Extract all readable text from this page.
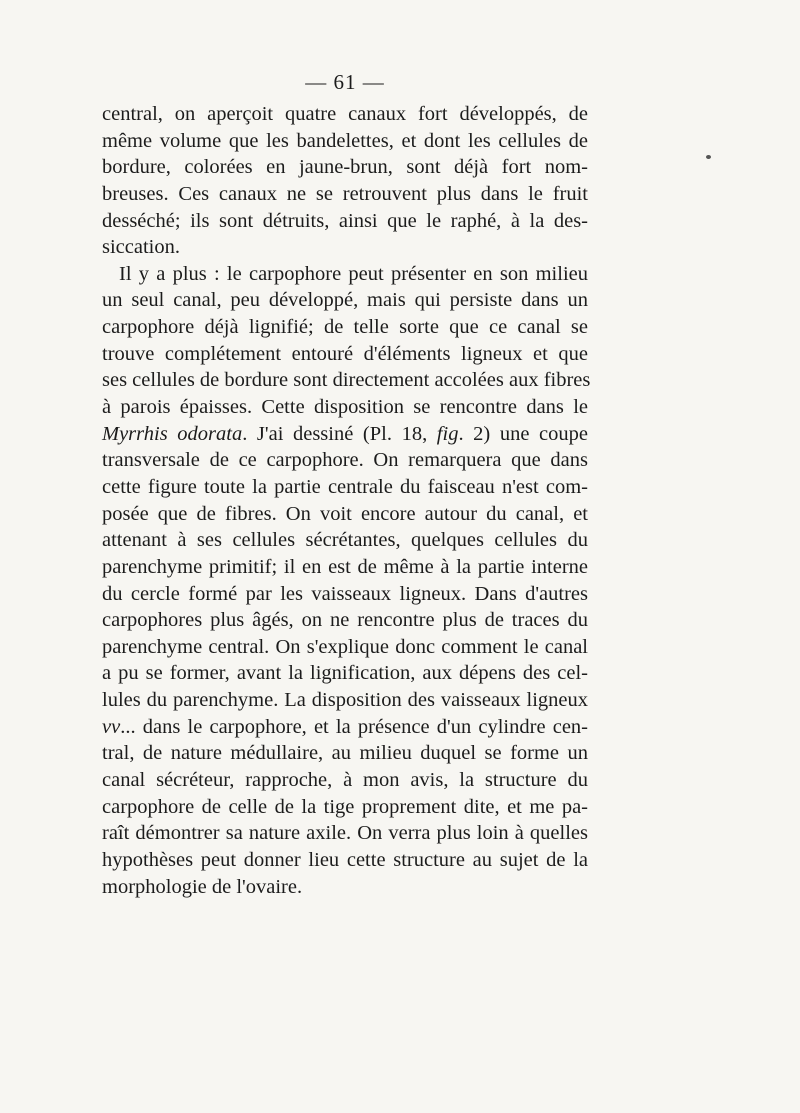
— 61 —
central, on aperçoit quatre canaux fort développés, de
même volume que les bandelettes, et dont les cellules de
bordure, colorées en jaune-brun, sont déjà fort nom-
breuses. Ces canaux ne se retrouvent plus dans le fruit
desséché; ils sont détruits, ainsi que le raphé, à la des-
siccation.
Il y a plus : le carpophore peut présenter en son milieu
un seul canal, peu développé, mais qui persiste dans un
carpophore déjà lignifié; de telle sorte que ce canal se
trouve complétement entouré d'éléments ligneux et que
ses cellules de bordure sont directement accolées aux fibres
à parois épaisses. Cette disposition se rencontre dans le
Myrrhis odorata. J'ai dessiné (Pl. 18, fig. 2) une coupe
transversale de ce carpophore. On remarquera que dans
cette figure toute la partie centrale du faisceau n'est com-
posée que de fibres. On voit encore autour du canal, et
attenant à ses cellules sécrétantes, quelques cellules du
parenchyme primitif; il en est de même à la partie interne
du cercle formé par les vaisseaux ligneux. Dans d'autres
carpophores plus âgés, on ne rencontre plus de traces du
parenchyme central. On s'explique donc comment le canal
a pu se former, avant la lignification, aux dépens des cel-
lules du parenchyme. La disposition des vaisseaux ligneux
vv... dans le carpophore, et la présence d'un cylindre cen-
tral, de nature médullaire, au milieu duquel se forme un
canal sécréteur, rapproche, à mon avis, la structure du
carpophore de celle de la tige proprement dite, et me pa-
raît démontrer sa nature axile. On verra plus loin à quelles
hypothèses peut donner lieu cette structure au sujet de la
morphologie de l'ovaire.
